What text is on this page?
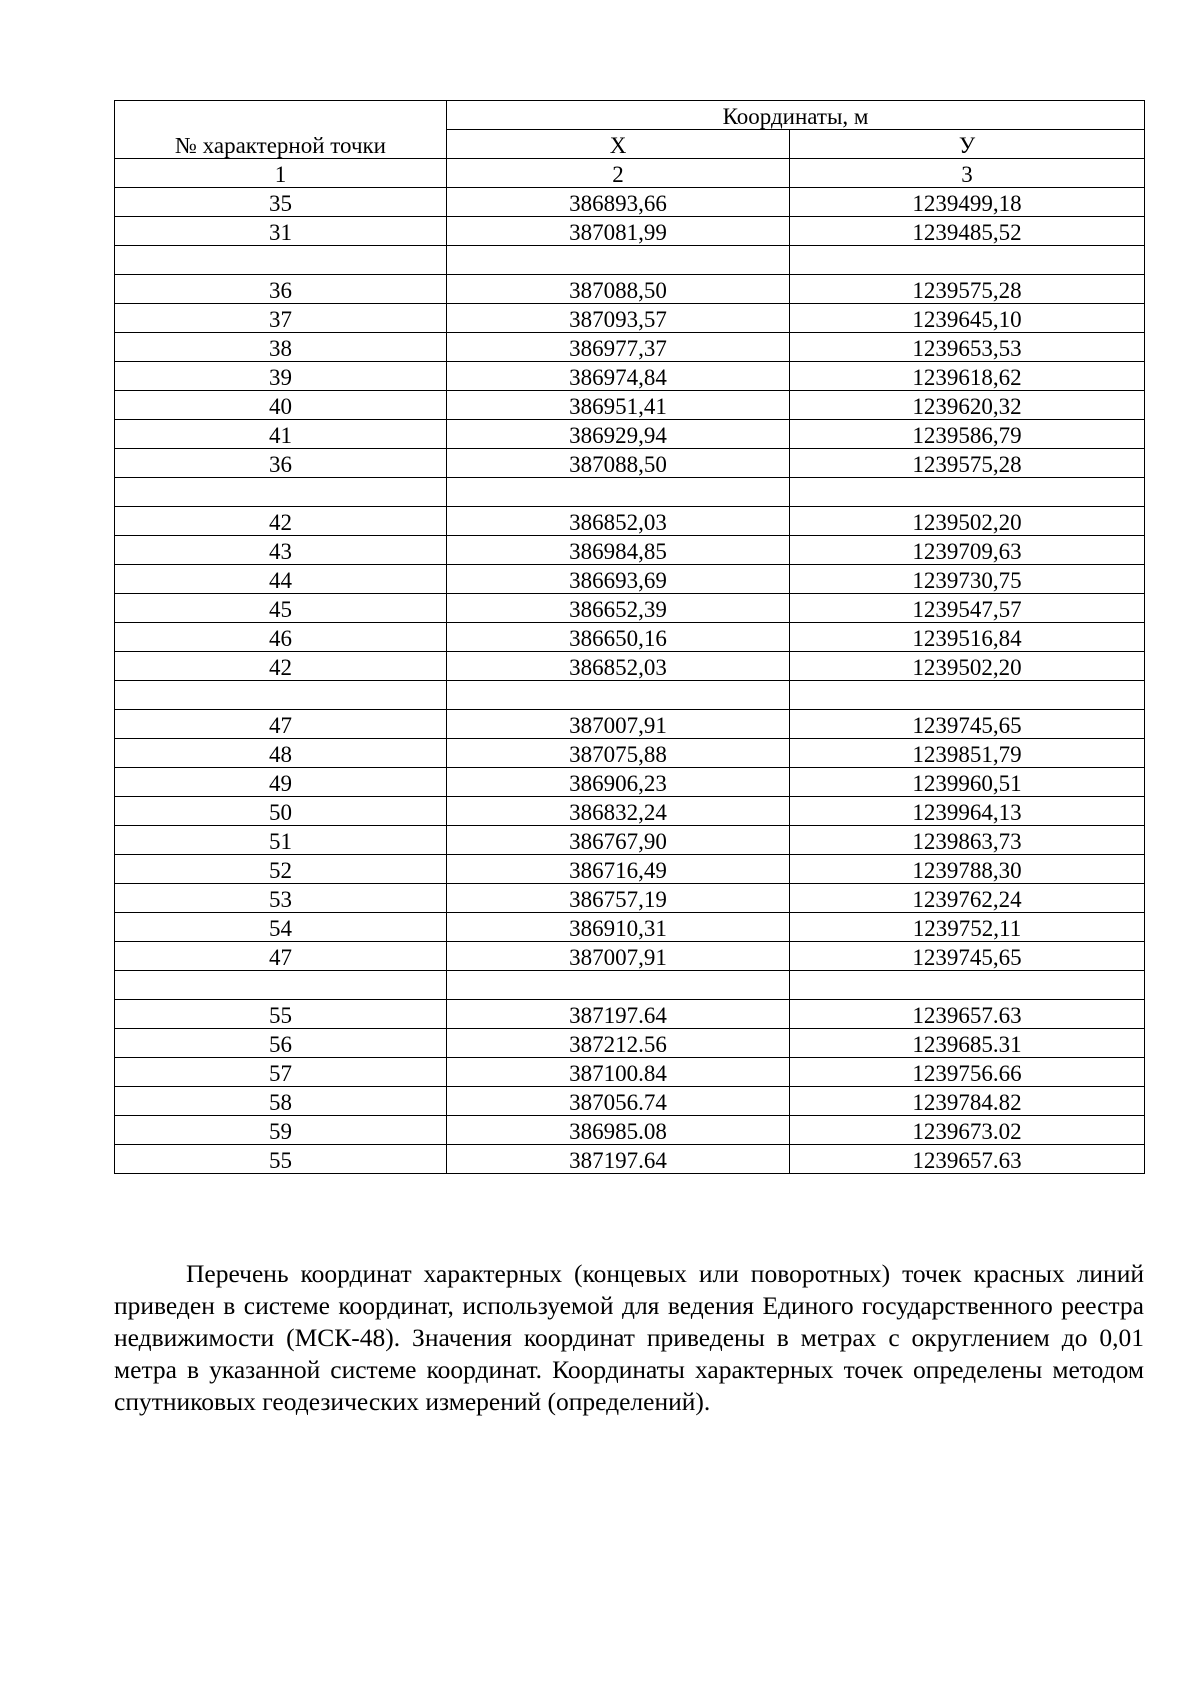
№ характерной точки	Координаты, м	
	Х	У
1	2	3
35	386893,66	1239499,18
31	387081,99	1239485,52

36	387088,50	1239575,28
37	387093,57	1239645,10
38	386977,37	1239653,53
39	386974,84	1239618,62
40	386951,41	1239620,32
41	386929,94	1239586,79
36	387088,50	1239575,28

42	386852,03	1239502,20
43	386984,85	1239709,63
44	386693,69	1239730,75
45	386652,39	1239547,57
46	386650,16	1239516,84
42	386852,03	1239502,20

47	387007,91	1239745,65
48	387075,88	1239851,79
49	386906,23	1239960,51
50	386832,24	1239964,13
51	386767,90	1239863,73
52	386716,49	1239788,30
53	386757,19	1239762,24
54	386910,31	1239752,11
47	387007,91	1239745,65

55	387197.64	1239657.63
56	387212.56	1239685.31
57	387100.84	1239756.66
58	387056.74	1239784.82
59	386985.08	1239673.02
55	387197.64	1239657.63

Перечень координат характерных (концевых или поворотных) точек красных линий приведен в системе координат, используемой для ведения Единого государственного реестра недвижимости (МСК-48). Значения координат приведены в метрах с округлением до 0,01 метра в указанной системе координат. Координаты характерных точек определены методом спутниковых геодезических измерений (определений).
